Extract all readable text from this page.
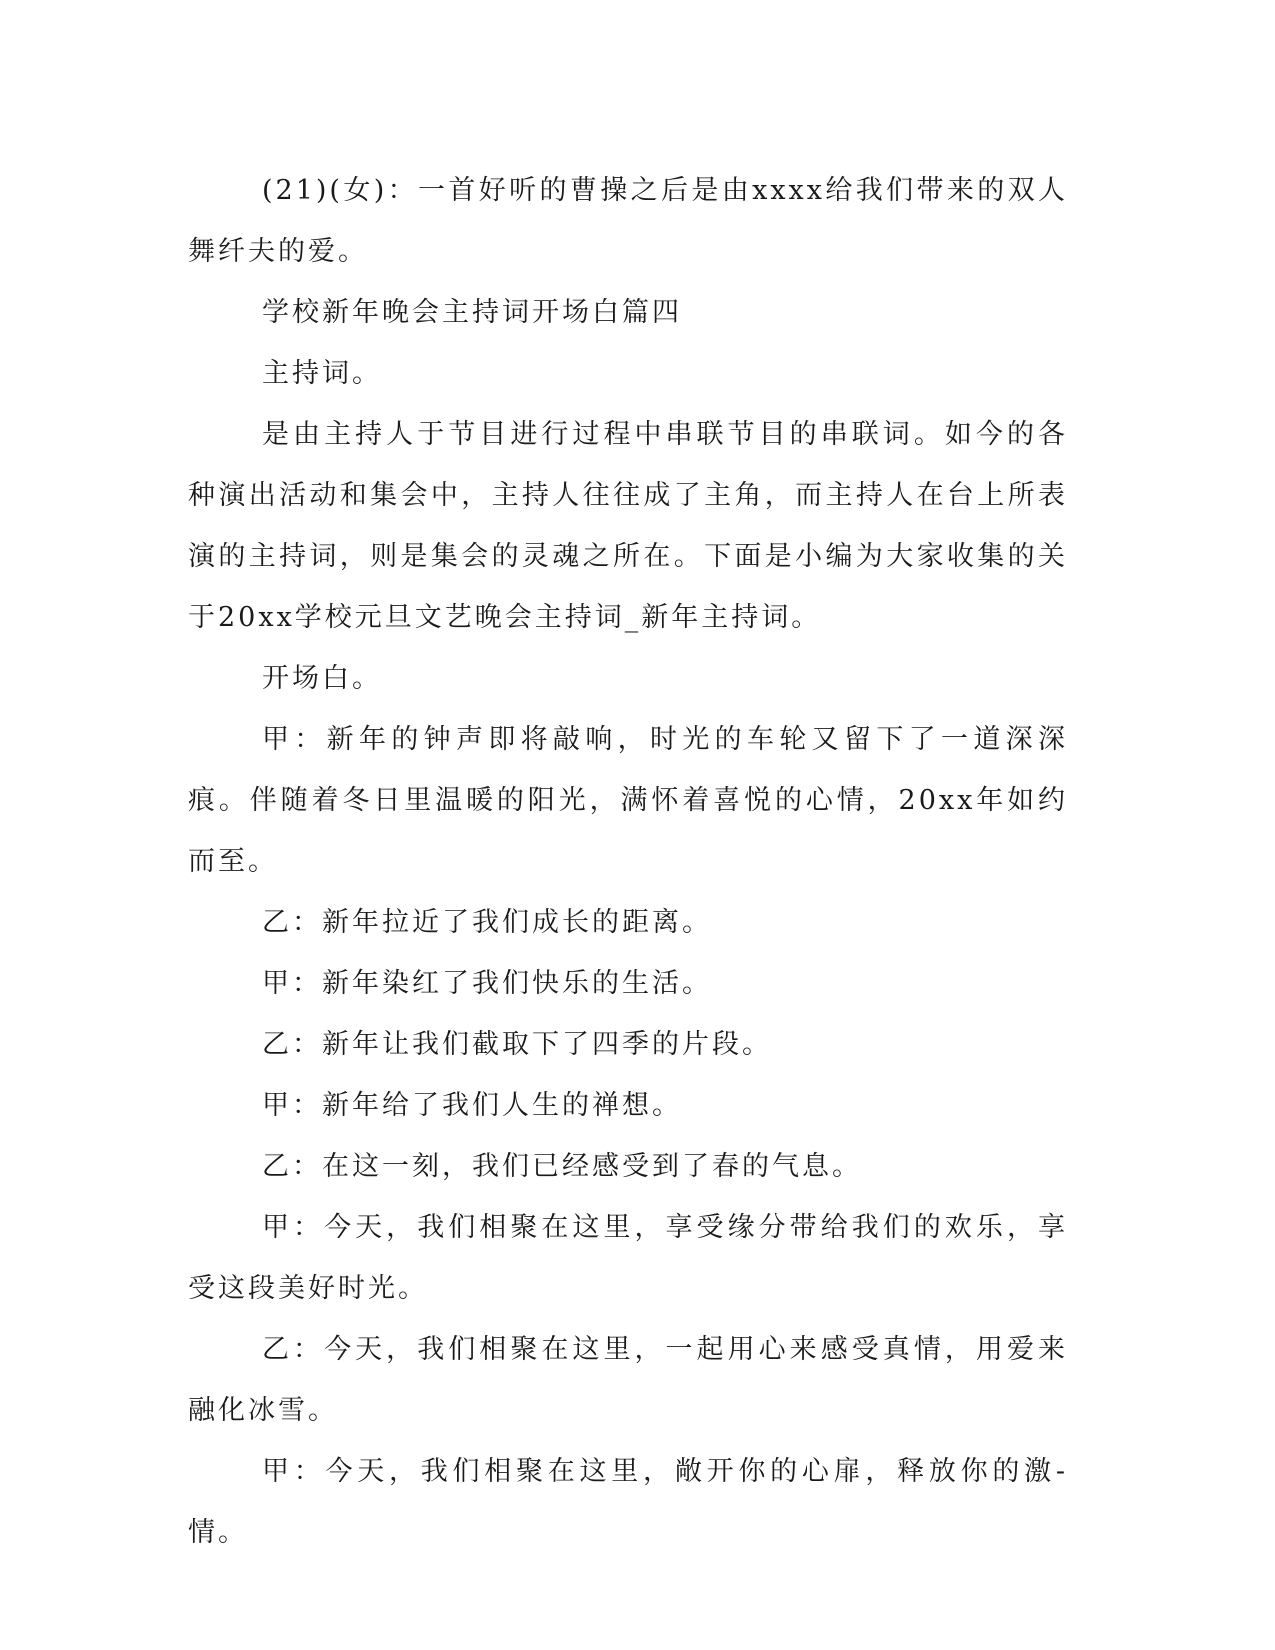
(21)(女)：一首好听的曹操之后是由xxxx给我们带来的双人舞纤夫的爱。

学校新年晚会主持词开场白篇四

主持词。

是由主持人于节目进行过程中串联节目的串联词。如今的各种演出活动和集会中，主持人往往成了主角，而主持人在台上所表演的主持词，则是集会的灵魂之所在。下面是小编为大家收集的关于20xx学校元旦文艺晚会主持词_新年主持词。

开场白。

甲：新年的钟声即将敲响，时光的车轮又留下了一道深深痕。伴随着冬日里温暖的阳光，满怀着喜悦的心情，20xx年如约而至。

乙：新年拉近了我们成长的距离。

甲：新年染红了我们快乐的生活。

乙：新年让我们截取下了四季的片段。

甲：新年给了我们人生的禅想。

乙：在这一刻，我们已经感受到了春的气息。

甲：今天，我们相聚在这里，享受缘分带给我们的欢乐，享受这段美好时光。

乙：今天，我们相聚在这里，一起用心来感受真情，用爱来融化冰雪。

甲：今天，我们相聚在这里，敞开你的心扉，释放你的激-情。
